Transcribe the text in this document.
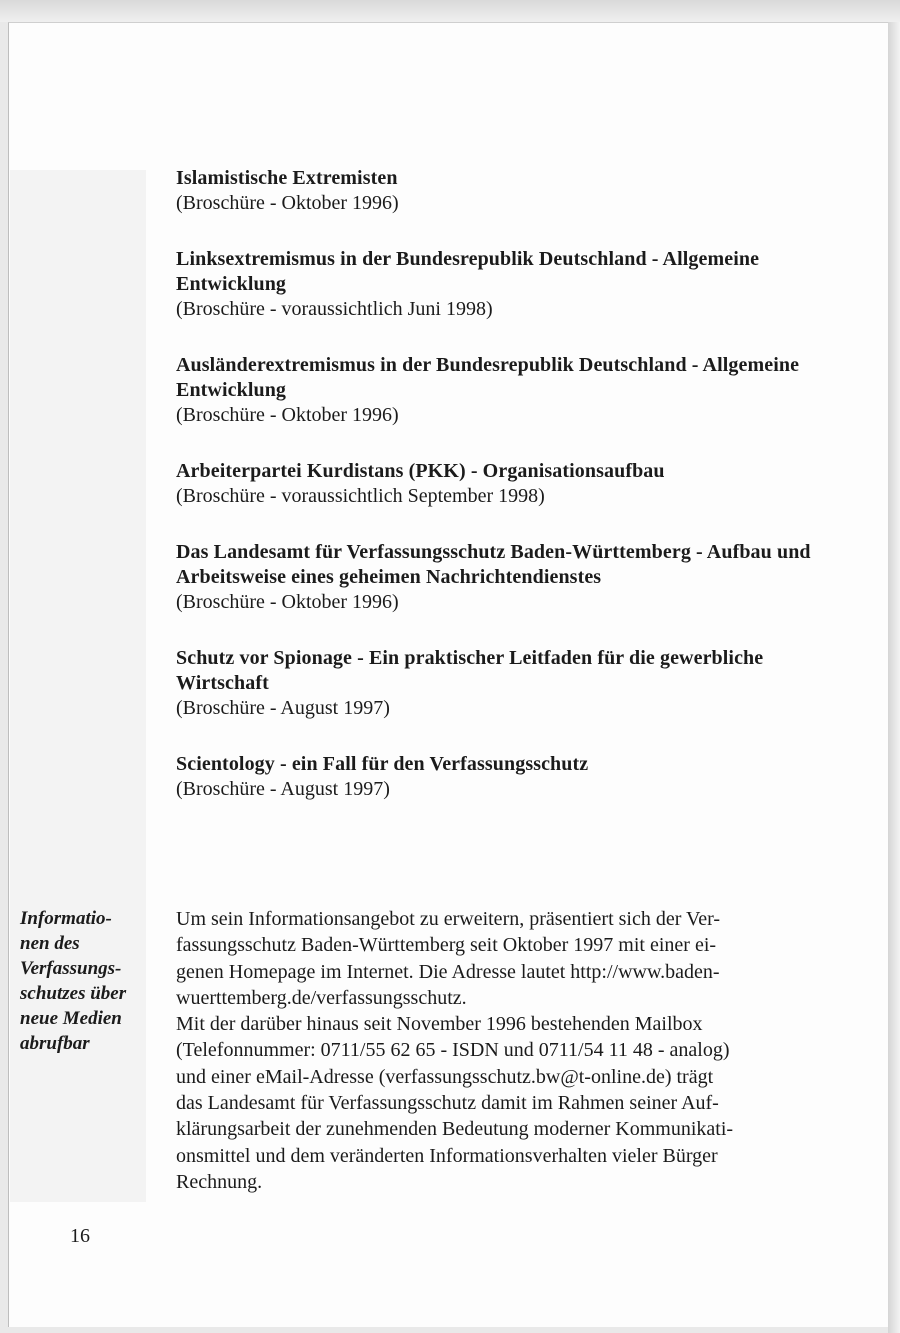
Islamistische Extremisten
(Broschüre - Oktober 1996)
Linksextremismus in der Bundesrepublik Deutschland - Allgemeine Entwicklung
(Broschüre - voraussichtlich Juni 1998)
Ausländerextremismus in der Bundesrepublik Deutschland - Allgemeine Entwicklung
(Broschüre - Oktober 1996)
Arbeiterpartei Kurdistans (PKK) - Organisationsaufbau
(Broschüre - voraussichtlich September 1998)
Das Landesamt für Verfassungsschutz Baden-Württemberg - Aufbau und Arbeitsweise eines geheimen Nachrichtendienstes
(Broschüre - Oktober 1996)
Schutz vor Spionage - Ein praktischer Leitfaden für die gewerbliche Wirtschaft
(Broschüre - August 1997)
Scientology - ein Fall für den Verfassungsschutz
(Broschüre - August 1997)
Informatio-
nen des
Verfassungs-
schutzes über
neue Medien
abrufbar

Um sein Informationsangebot zu erweitern, präsentiert sich der Ver-

fassungsschutz Baden-Württemberg seit Oktober 1997 mit einer ei-

genen Homepage im Internet. Die Adresse lautet http://www.baden-

wuerttemberg.de/verfassungsschutz.

Mit der darüber hinaus seit November 1996 bestehenden Mailbox

(Telefonnummer: 0711/55 62 65 - ISDN und 0711/54 11 48 - analog)

und einer eMail-Adresse (verfassungsschutz.bw@t-online.de) trägt

das Landesamt für Verfassungsschutz damit im Rahmen seiner Auf-

klärungsarbeit der zunehmenden Bedeutung moderner Kommunikati-

onsmittel und dem veränderten Informationsverhalten vieler Bürger

Rechnung.

16
